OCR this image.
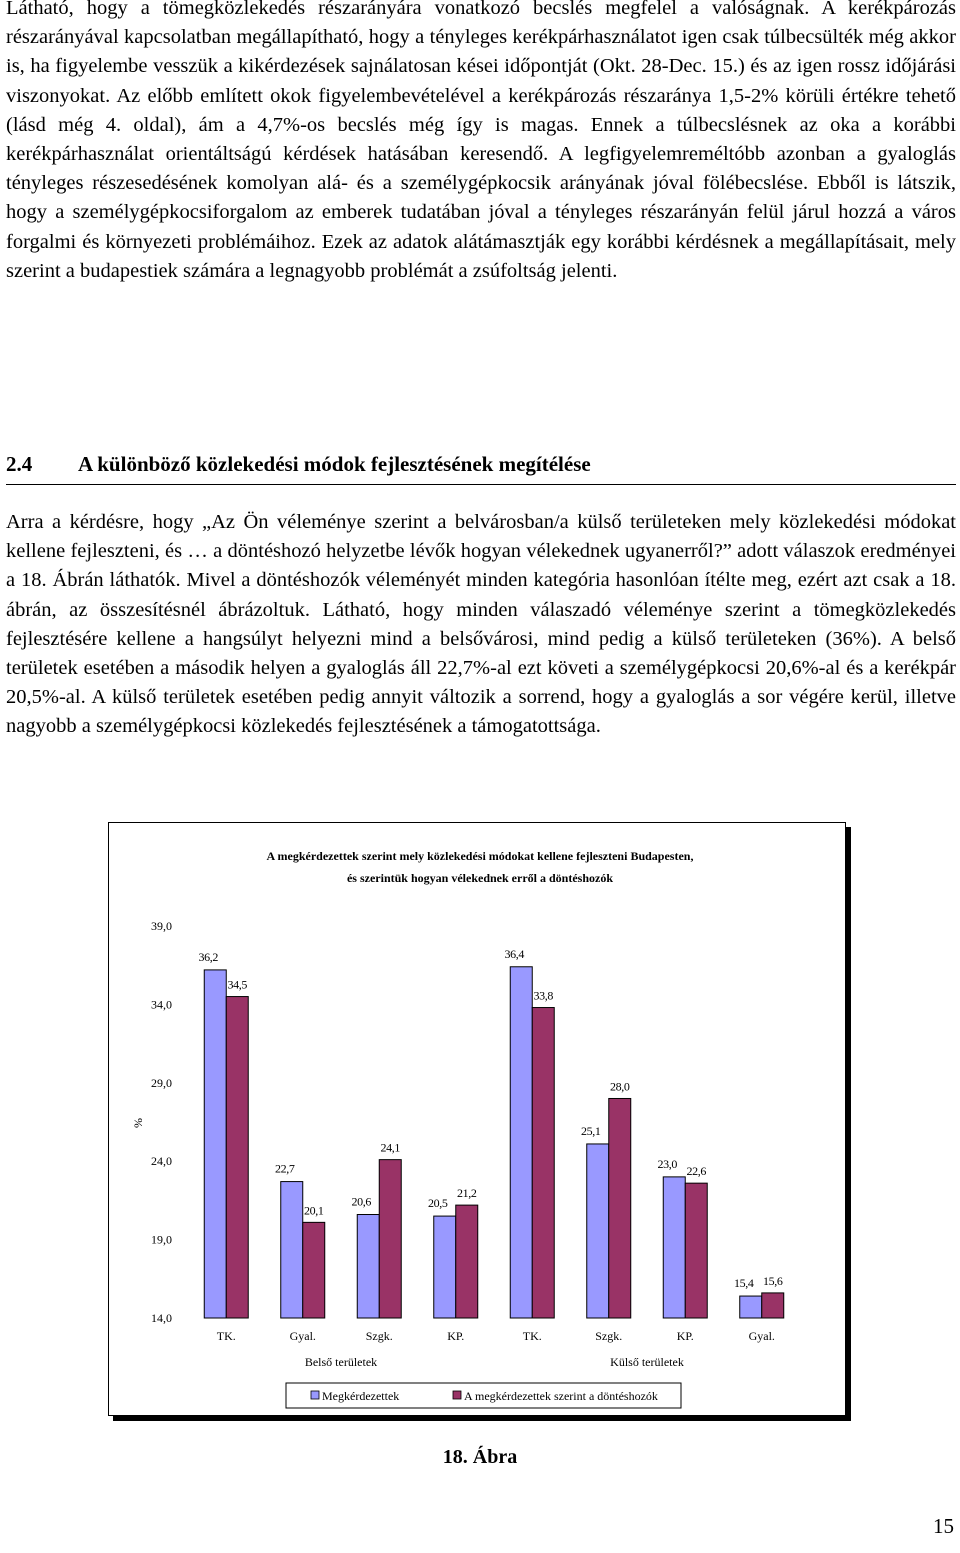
Látható, hogy a tömegközlekedés részarányára vonatkozó becslés megfelel a valóságnak. A kerékpározás részarányával kapcsolatban megállapítható, hogy a tényleges kerékpárhasználatot igen csak túlbecsülték még akkor is, ha figyelembe vesszük a kikérdezések sajnálatosan kései időpontját (Okt. 28-Dec. 15.) és az igen rossz időjárási viszonyokat. Az előbb említett okok figyelembevételével a kerékpározás részaránya 1,5-2% körüli értékre tehető (lásd még 4. oldal), ám a 4,7%-os becslés még így is magas. Ennek a túlbecslésnek az oka a korábbi kerékpárhasználat orientáltságú kérdések hatásában keresendő. A legfigyelemreméltóbb azonban a gyaloglás tényleges részesedésének komolyan alá- és a személygépkocsik arányának jóval fölébecslése. Ebből is látszik, hogy a személygépkocsiforgalom az emberek tudatában jóval a tényleges részarányán felül járul hozzá a város forgalmi és környezeti problémáihoz. Ezek az adatok alátámasztják egy korábbi kérdésnek a megállapításait, mely szerint a budapestiek számára a legnagyobb problémát a zsúfoltság jelenti.

2.4 A különböző közlekedési módok fejlesztésének megítélése

Arra a kérdésre, hogy „Az Ön véleménye szerint a belvárosban/a külső területeken mely közlekedési módokat kellene fejleszteni, és … a döntéshozó helyzetbe lévők hogyan vélekednek ugyanerről?” adott válaszok eredményei a 18. Ábrán láthatók. Mivel a döntéshozók véleményét minden kategória hasonlóan ítélte meg, ezért azt csak a 18. ábrán, az összesítésnél ábrázoltuk. Látható, hogy minden válaszadó véleménye szerint a tömegközlekedés fejlesztésére kellene a hangsúlyt helyezni mind a belsővárosi, mind pedig a külső területeken (36%). A belső területek esetében a második helyen a gyaloglás áll 22,7%-al ezt követi a személygépkocsi 20,6%-al és a kerékpár 20,5%-al. A külső területek esetében pedig annyit változik a sorrend, hogy a gyaloglás a sor végére kerül, illetve nagyobb a személygépkocsi közlekedés fejlesztésének a támogatottsága.

A megkérdezettek szerint mely közlekedési módokat kellene fejleszteni Budapesten,
és szerintük hogyan vélekednek erről a döntéshozók
%
14,0
19,0
24,0
29,0
34,0
39,0
36,2
34,5
22,7
20,1
20,6
24,1
20,5
21,2
36,4
33,8
25,1
28,0
23,0
22,6
15,4 15,6
TK.	Gyal.	Szgk.	KP.	TK.	Szgk.	KP.	Gyal.
Belső területek	Külső területek
Megkérdezettek	A megkérdezettek szerint a döntéshozók

18. Ábra

15
